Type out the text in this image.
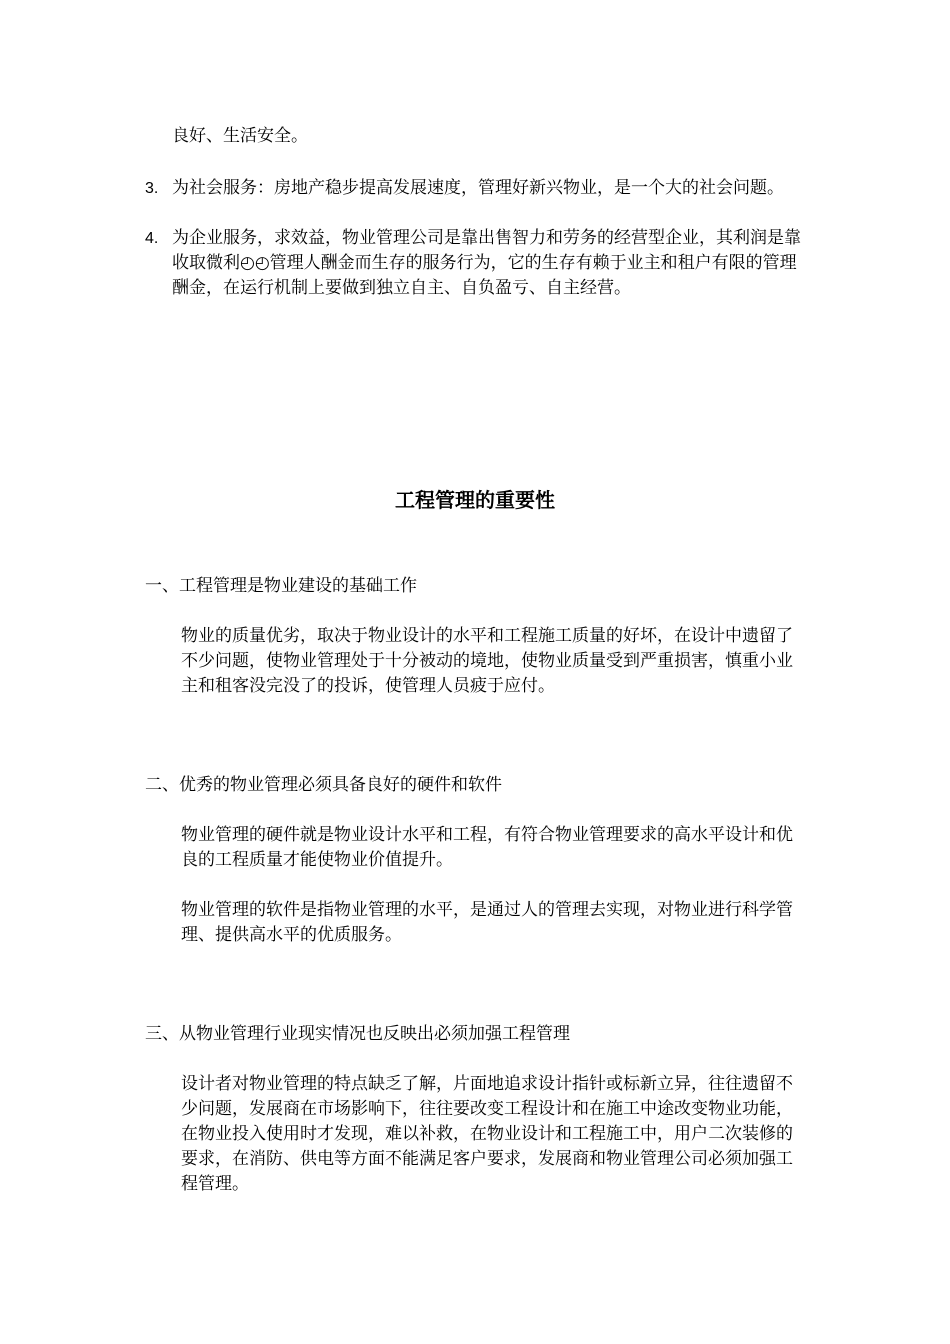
良好、生活安全。

3. 为社会服务：房地产稳步提高发展速度，管理好新兴物业，是一个大的社会问题。

4. 为企业服务，求效益，物业管理公司是靠出售智力和劳务的经营型企业，其利润是靠收取微利◴◴管理人酬金而生存的服务行为，它的生存有赖于业主和租户有限的管理酬金，在运行机制上要做到独立自主、自负盈亏、自主经营。

工程管理的重要性

一、工程管理是物业建设的基础工作

物业的质量优劣，取决于物业设计的水平和工程施工质量的好坏，在设计中遗留了不少问题，使物业管理处于十分被动的境地，使物业质量受到严重损害，慎重小业主和租客没完没了的投诉，使管理人员疲于应付。

二、优秀的物业管理必须具备良好的硬件和软件

物业管理的硬件就是物业设计水平和工程，有符合物业管理要求的高水平设计和优良的工程质量才能使物业价值提升。

物业管理的软件是指物业管理的水平，是通过人的管理去实现，对物业进行科学管理、提供高水平的优质服务。

三、从物业管理行业现实情况也反映出必须加强工程管理

设计者对物业管理的特点缺乏了解，片面地追求设计指针或标新立异，往往遗留不少问题，发展商在市场影响下，往往要改变工程设计和在施工中途改变物业功能，在物业投入使用时才发现，难以补救，在物业设计和工程施工中，用户二次装修的要求，在消防、供电等方面不能满足客户要求，发展商和物业管理公司必须加强工程管理。
